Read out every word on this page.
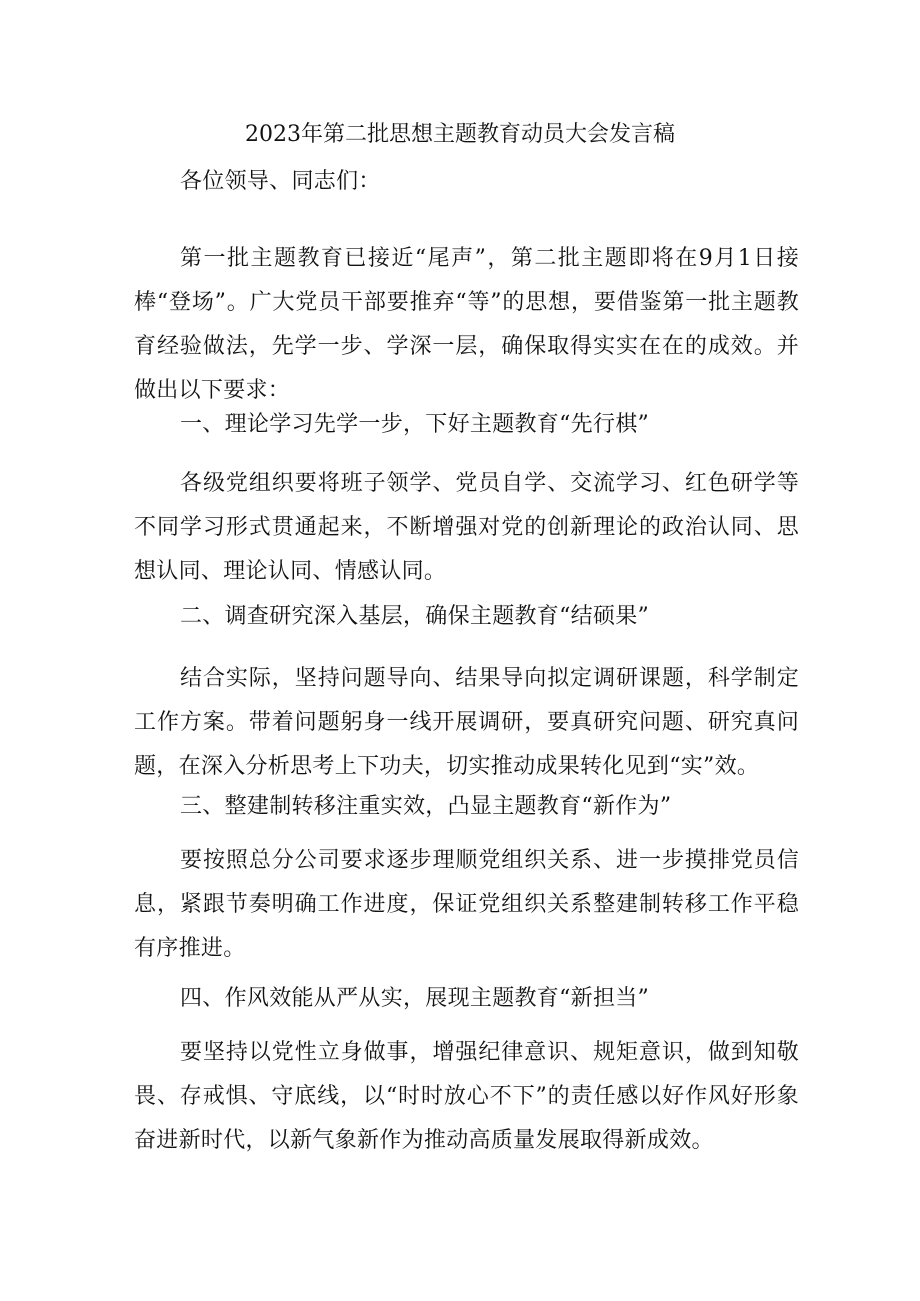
2023年第二批思想主题教育动员大会发言稿
各位领导、同志们：
第一批主题教育已接近“尾声”，第二批主题即将在9月1日接棒“登场”。广大党员干部要推弃“等”的思想，要借鉴第一批主题教育经验做法，先学一步、学深一层，确保取得实实在在的成效。并做出以下要求：
一、理论学习先学一步，下好主题教育“先行棋”
各级党组织要将班子领学、党员自学、交流学习、红色研学等不同学习形式贯通起来，不断增强对党的创新理论的政治认同、思想认同、理论认同、情感认同。
二、调查研究深入基层，确保主题教育“结硕果”
结合实际，坚持问题导向、结果导向拟定调研课题，科学制定工作方案。带着问题躬身一线开展调研，要真研究问题、研究真问题，在深入分析思考上下功夫，切实推动成果转化见到“实”效。
三、整建制转移注重实效，凸显主题教育“新作为”
要按照总分公司要求逐步理顺党组织关系、进一步摸排党员信息，紧跟节奏明确工作进度，保证党组织关系整建制转移工作平稳有序推进。
四、作风效能从严从实，展现主题教育“新担当”
要坚持以党性立身做事，增强纪律意识、规矩意识，做到知敬畏、存戒惧、守底线，以“时时放心不下”的责任感以好作风好形象奋进新时代，以新气象新作为推动高质量发展取得新成效。
